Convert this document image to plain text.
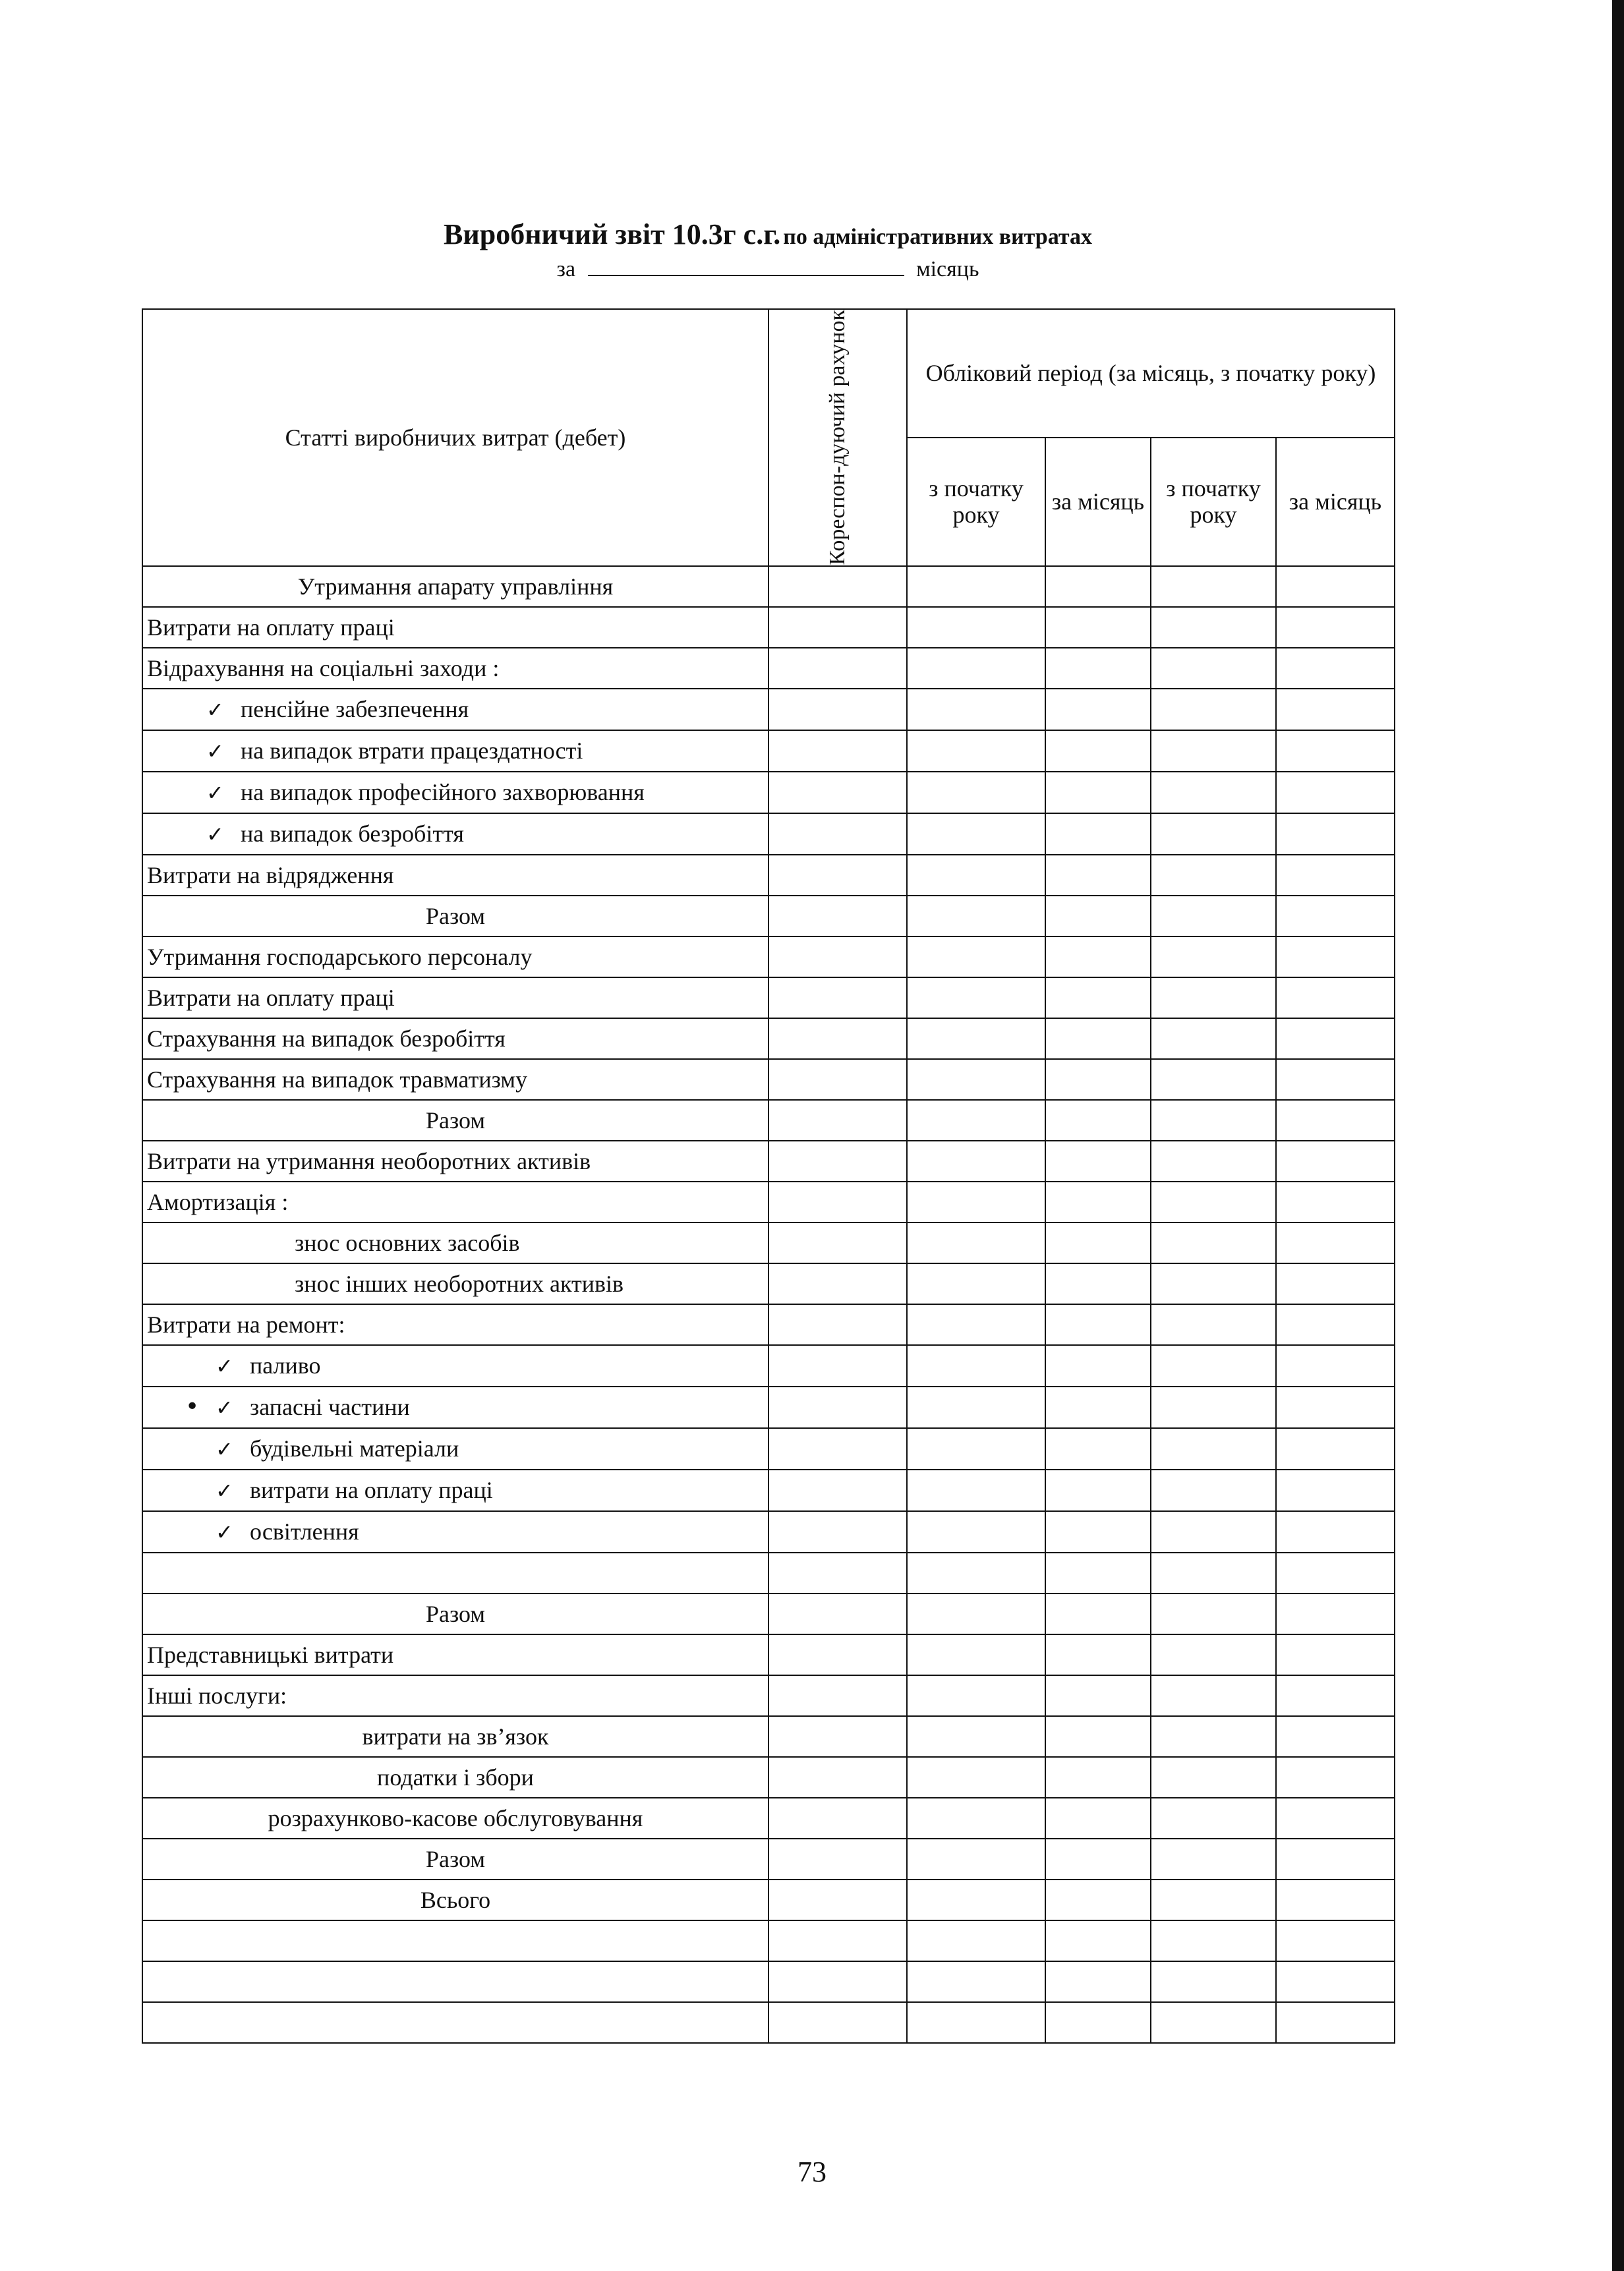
Виробничий звіт 10.3г с.г. по адміністративних витратах
за	місяць
Статті виробничих витрат (дебет)	Кореспон-дуючий рахунок	Обліковий період (за місяць, з початку року)			
		з початку року	за місяць	з початку року	за місяць
Утримання апарату управління					
Витрати на оплату праці					
Відрахування на соціальні заходи :					
✓ пенсійне забезпечення					
✓ на випадок втрати працездатності					
✓ на випадок професійного захворювання					
✓ на випадок безробіття					
Витрати на відрядження					
Разом					
Утримання господарського персоналу					
Витрати на оплату праці					
Страхування на випадок безробіття					
Страхування на випадок травматизму					
Разом					
Витрати на утримання необоротних активів					
Амортизація :					
знос основних засобів					
знос інших необоротних активів					
Витрати на ремонт:					
✓ паливо					

• ✓ запасні частини					
✓ будівельні матеріали					
✓ витрати на оплату праці					
✓ освітлення					

Разом					
Представницькі витрати					
Інші послуги:					
витрати на зв’язок					
податки і збори					
розрахунково-касове обслуговування					
Разом					
Всього					

73
